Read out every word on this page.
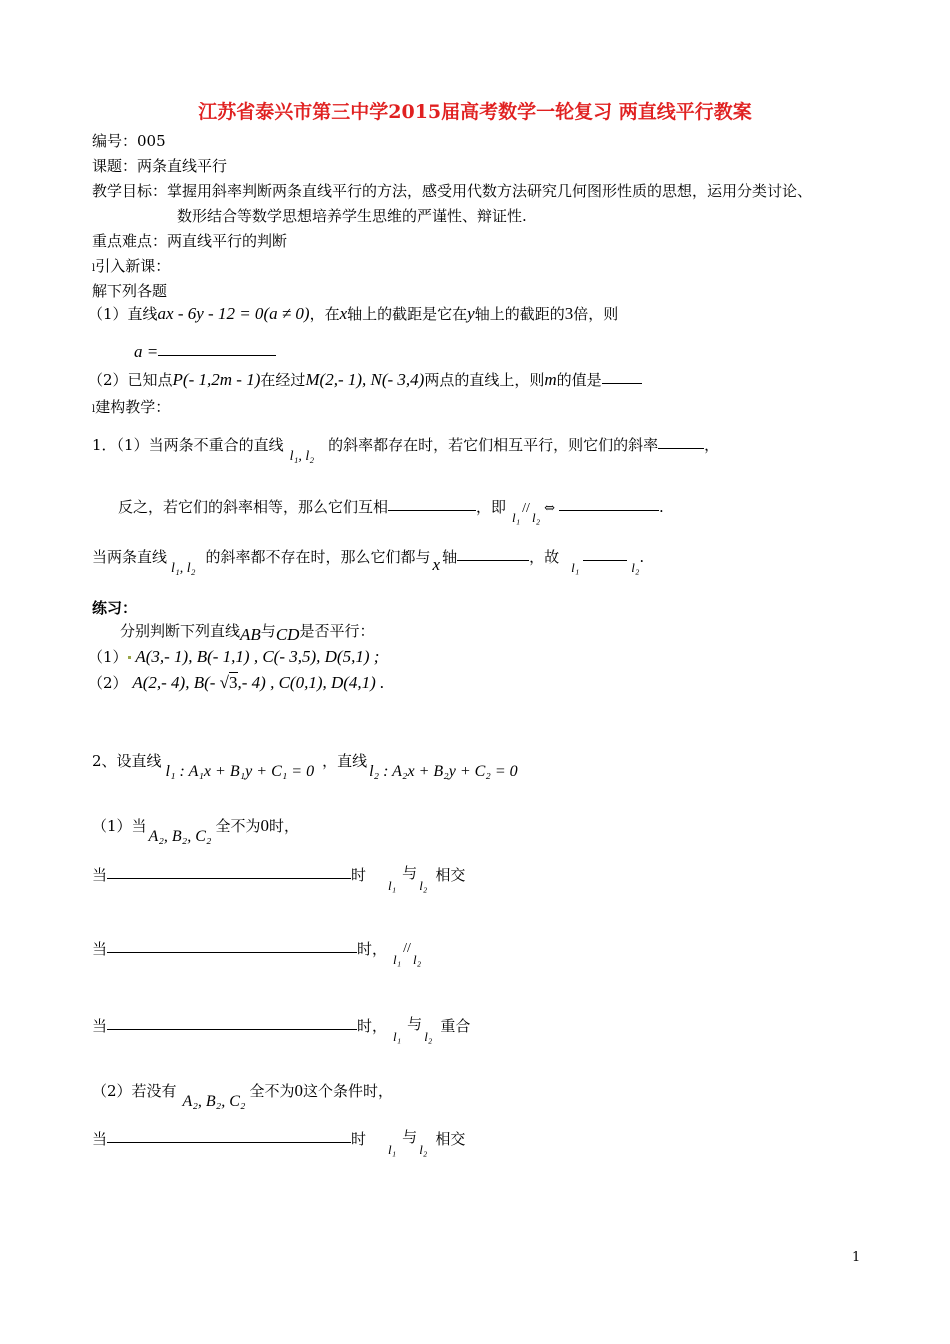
江苏省泰兴市第三中学2015届高考数学一轮复习 两直线平行教案
编号：005
课题：两条直线平行
教学目标：掌握用斜率判断两条直线平行的方法，感受用代数方法研究几何图形性质的思想，运用分类讨论、
数形结合等数学思想培养学生思维的严谨性、辩证性.
重点难点：两直线平行的判断
l引入新课：
解下列各题
（1）直线ax - 6y - 12 = 0(a ≠ 0)，在x轴上的截距是它在y轴上的截距的3倍，则
a =
（2）已知点P(- 1,2m - 1)在经过M(2,- 1), N(- 3,4)两点的直线上，则m的值是
l建构教学：
1．（1）当两条不重合的直线l₁, l₂的斜率都存在时，若它们相互平行，则它们的斜率	，
反之，若它们的斜率相等，那么它们互相	，即l₁//l₂⇔	.
当两条直线l₁, l₂的斜率都不存在时，那么它们都与 x 轴	，故l₁	l₂.
练习：
分别判断下列直线AB与CD是否平行：
（1） A(3,- 1), B(- 1,1) , C(- 3,5), D(5,1) ;
（2） A(2,- 4), B(- √3,- 4) , C(0,1), D(4,1) .
2、设直线l₁ : A₁x + B₁y + C₁ = 0，直线l₂ : A₂x + B₂y + C₂ = 0
（1）当A₂, B₂, C₂全不为0时，
当	时l₁与l₂相交
当	时，l₁//l₂
当	时，l₁与l₂重合
（2）若没有A₂, B₂, C₂全不为0这个条件时，
当	时l₁与l₂相交
1
